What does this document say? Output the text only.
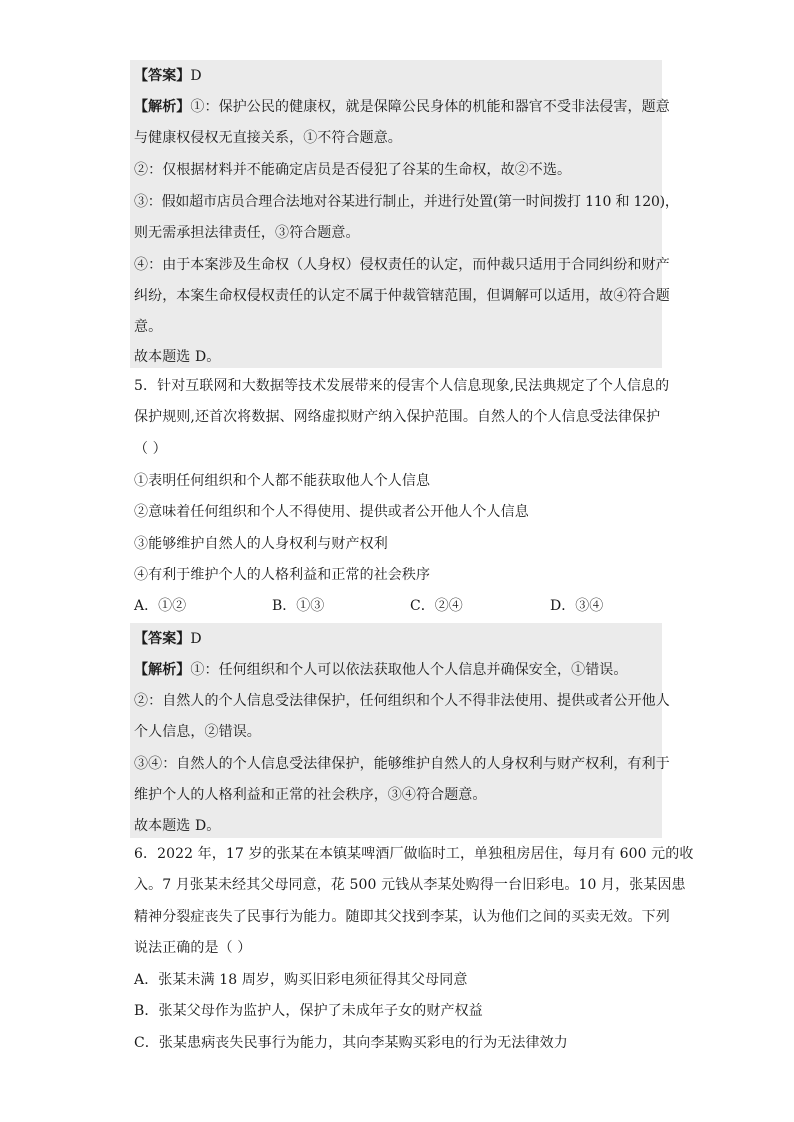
【答案】D
【解析】①：保护公民的健康权，就是保障公民身体的机能和器官不受非法侵害，题意
与健康权侵权无直接关系，①不符合题意。
②：仅根据材料并不能确定店员是否侵犯了谷某的生命权，故②不选。
③：假如超市店员合理合法地对谷某进行制止，并进行处置(第一时间拨打 110 和 120)，
则无需承担法律责任，③符合题意。
④：由于本案涉及生命权（人身权）侵权责任的认定，而仲裁只适用于合同纠纷和财产
纠纷，本案生命权侵权责任的认定不属于仲裁管辖范围，但调解可以适用，故④符合题
意。
故本题选 D。
5．针对互联网和大数据等技术发展带来的侵害个人信息现象,民法典规定了个人信息的
保护规则,还首次将数据、网络虚拟财产纳入保护范围。自然人的个人信息受法律保护
（ ）
①表明任何组织和个人都不能获取他人个人信息
②意味着任何组织和个人不得使用、提供或者公开他人个人信息
③能够维护自然人的人身权利与财产权利
④有利于维护个人的人格利益和正常的社会秩序
A．①②	B．①③	C．②④	D．③④
【答案】D
【解析】①：任何组织和个人可以依法获取他人个人信息并确保安全，①错误。
②：自然人的个人信息受法律保护，任何组织和个人不得非法使用、提供或者公开他人
个人信息，②错误。
③④：自然人的个人信息受法律保护，能够维护自然人的人身权利与财产权利，有利于
维护个人的人格利益和正常的社会秩序，③④符合题意。
故本题选 D。
6．2022 年，17 岁的张某在本镇某啤酒厂做临时工，单独租房居住，每月有 600 元的收
入。7 月张某未经其父母同意，花 500 元钱从李某处购得一台旧彩电。10 月，张某因患
精神分裂症丧失了民事行为能力。随即其父找到李某，认为他们之间的买卖无效。下列
说法正确的是（ ）
A．张某未满 18 周岁，购买旧彩电须征得其父母同意
B．张某父母作为监护人，保护了未成年子女的财产权益
C．张某患病丧失民事行为能力，其向李某购买彩电的行为无法律效力
